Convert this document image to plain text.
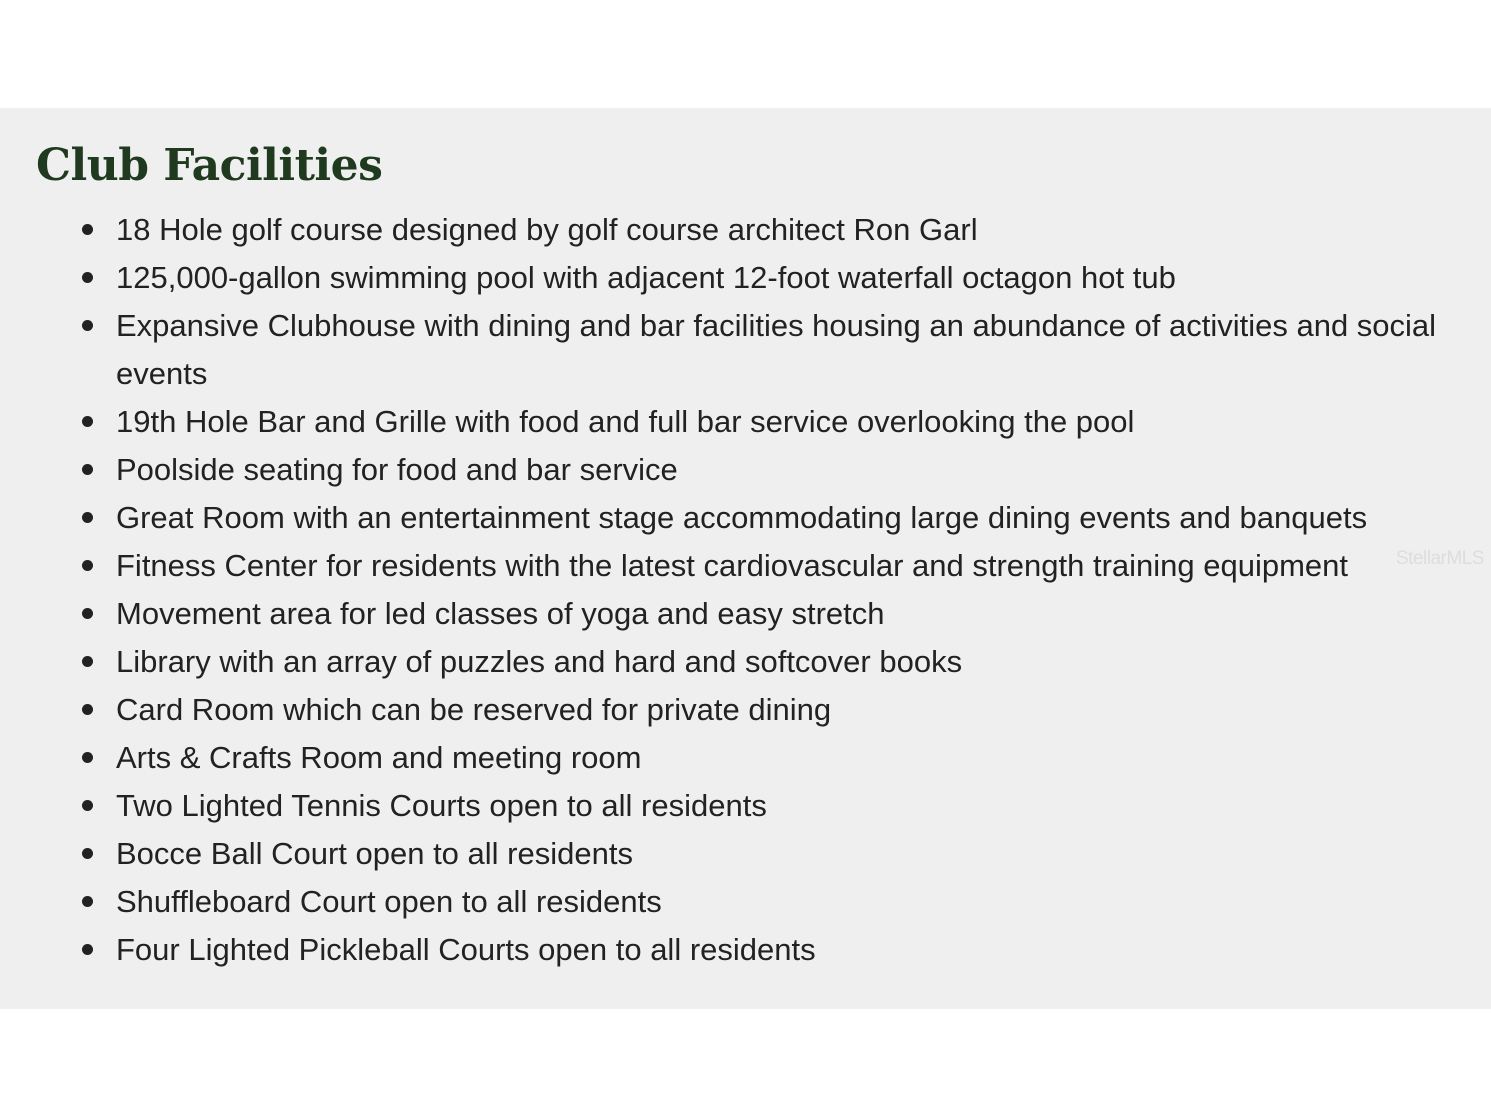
Club Facilities
18 Hole golf course designed by golf course architect Ron Garl
125,000-gallon swimming pool with adjacent 12-foot waterfall octagon hot tub
Expansive Clubhouse with dining and bar facilities housing an abundance of activities and social events
19th Hole Bar and Grille with food and full bar service overlooking the pool
Poolside seating for food and bar service
Great Room with an entertainment stage accommodating large dining events and banquets
Fitness Center for residents with the latest cardiovascular and strength training equipment
Movement area for led classes of yoga and easy stretch
Library with an array of puzzles and hard and softcover books
Card Room which can be reserved for private dining
Arts & Crafts Room and meeting room
Two Lighted Tennis Courts open to all residents
Bocce Ball Court open to all residents
Shuffleboard Court open to all residents
Four Lighted Pickleball Courts open to all residents
StellarMLS
